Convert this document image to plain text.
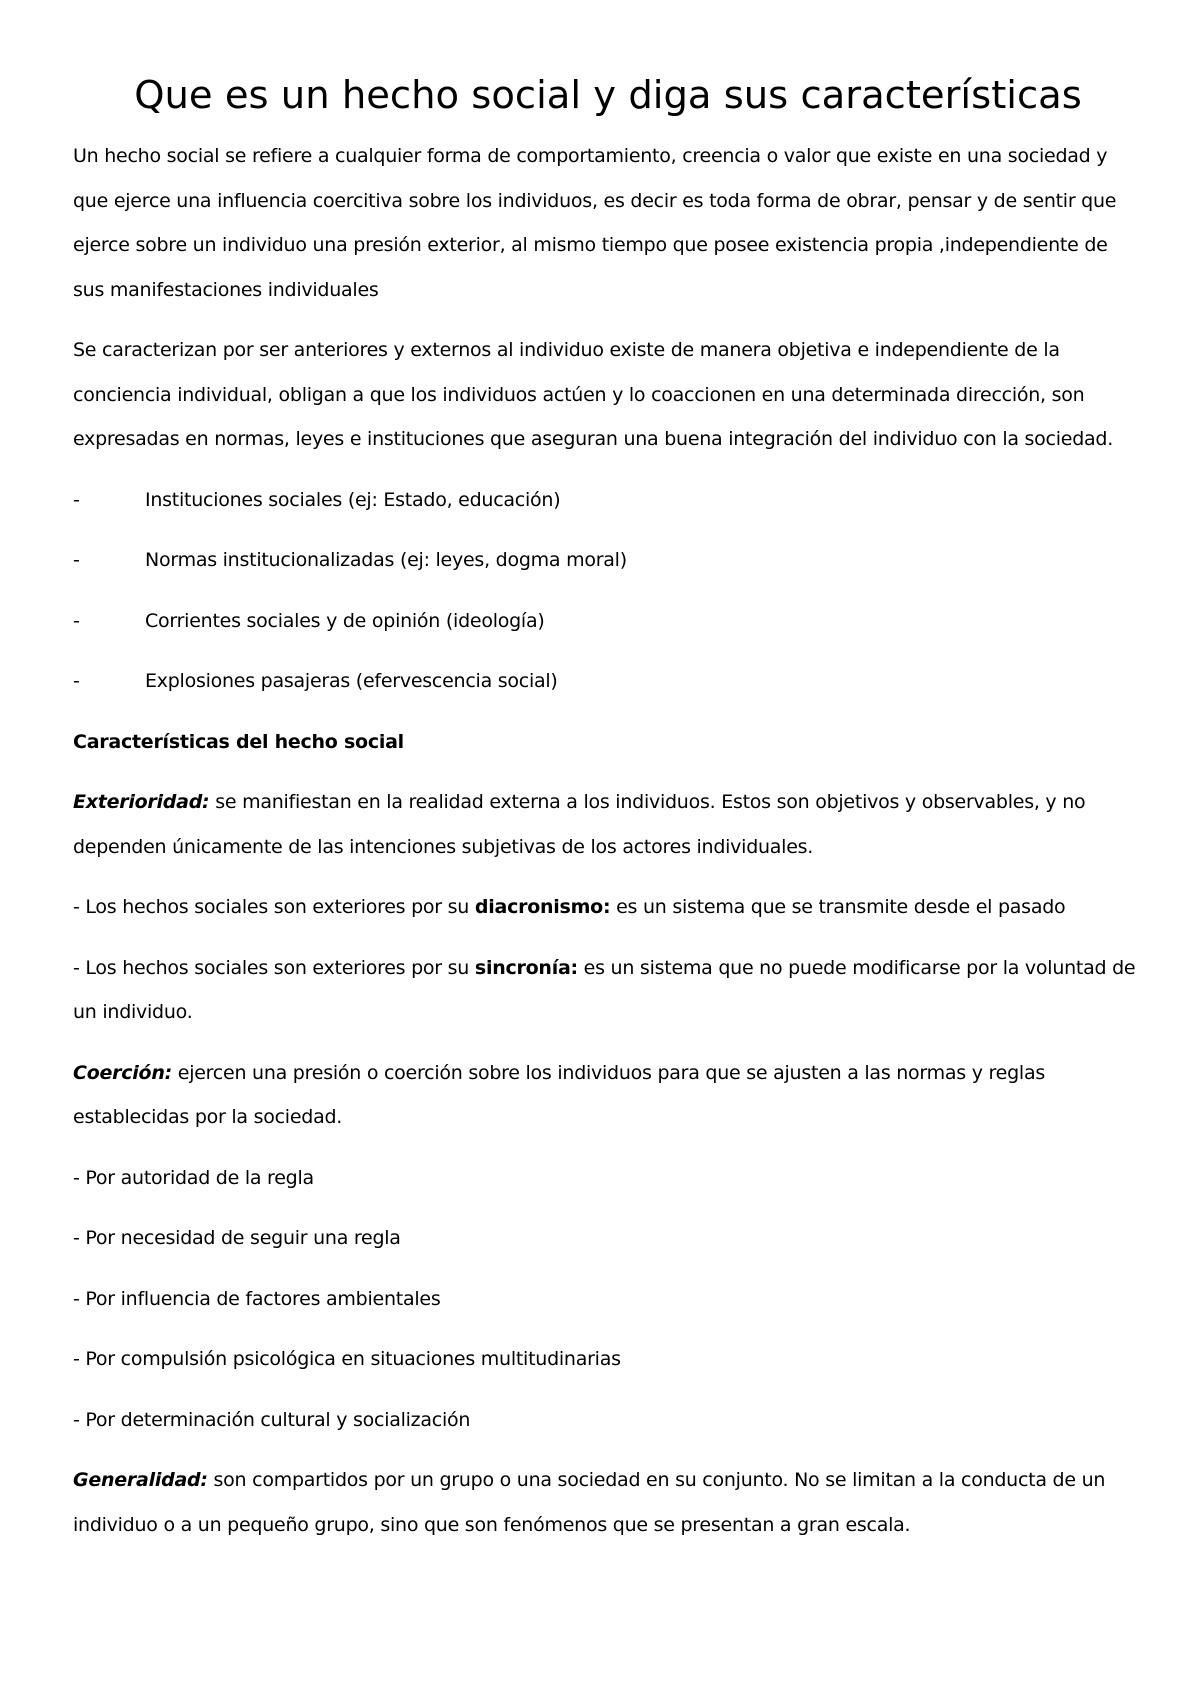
Que es un hecho social y diga sus características

Un hecho social se refiere a cualquier forma de comportamiento, creencia o valor que existe en una sociedad y que ejerce una influencia coercitiva sobre los individuos, es decir es toda forma de obrar, pensar y de sentir que ejerce sobre un individuo una presión exterior, al mismo tiempo que posee existencia propia ,independiente de sus manifestaciones individuales

Se caracterizan por ser anteriores y externos al individuo existe de manera objetiva e independiente de la conciencia individual, obligan a que los individuos actúen y lo coaccionen en una determinada dirección, son expresadas en normas, leyes e instituciones que aseguran una buena integración del individuo con la sociedad.

-	Instituciones sociales (ej: Estado, educación)
-	Normas institucionalizadas (ej: leyes, dogma moral)
-	Corrientes sociales y de opinión (ideología)
-	Explosiones pasajeras (efervescencia social)

Características del hecho social

Exterioridad: se manifiestan en la realidad externa a los individuos. Estos son objetivos y observables, y no dependen únicamente de las intenciones subjetivas de los actores individuales.

- Los hechos sociales son exteriores por su diacronismo: es un sistema que se transmite desde el pasado

- Los hechos sociales son exteriores por su sincronía: es un sistema que no puede modificarse por la voluntad de un individuo.

Coerción: ejercen una presión o coerción sobre los individuos para que se ajusten a las normas y reglas establecidas por la sociedad.

- Por autoridad de la regla

- Por necesidad de seguir una regla

- Por influencia de factores ambientales

- Por compulsión psicológica en situaciones multitudinarias

- Por determinación cultural y socialización

Generalidad: son compartidos por un grupo o una sociedad en su conjunto. No se limitan a la conducta de un individuo o a un pequeño grupo, sino que son fenómenos que se presentan a gran escala.
